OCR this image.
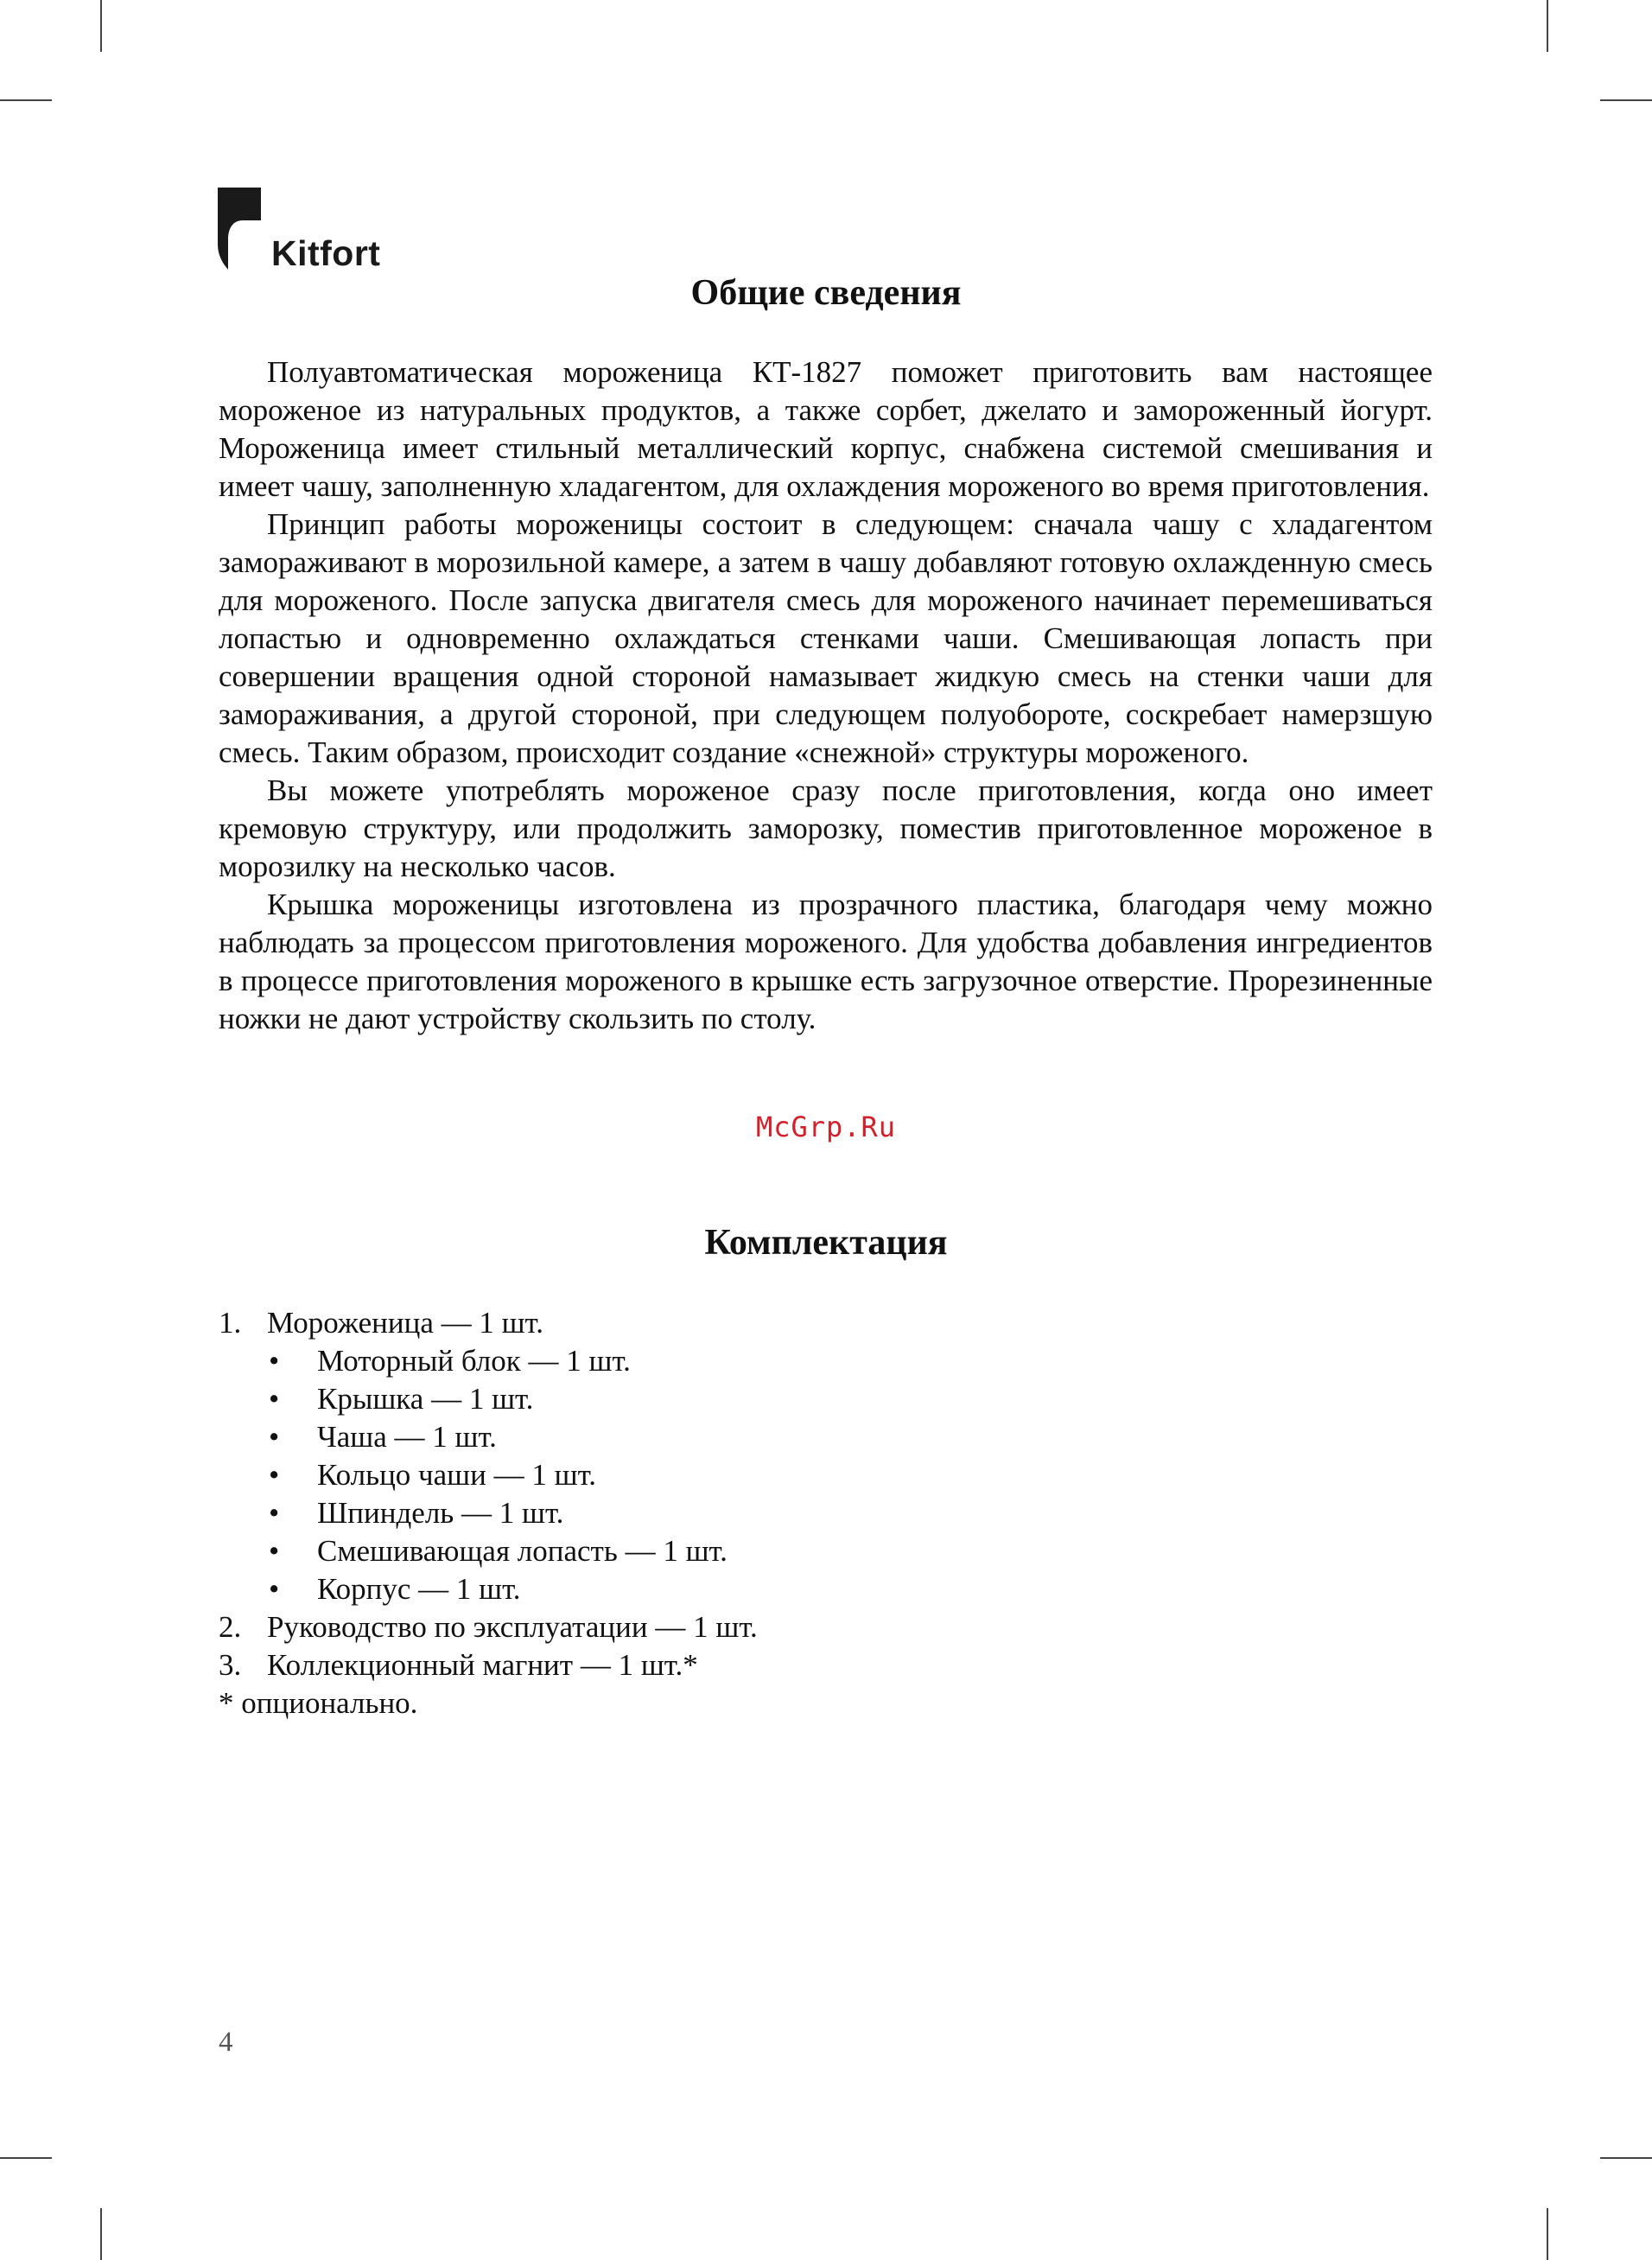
Kitfort
Общие сведения

Полуавтоматическая мороженица КТ-1827 поможет приготовить вам настоящее мороженое из натуральных продуктов, а также сорбет, джелато и замороженный йогурт. Мороженица имеет стильный металлический корпус, снабжена системой смешивания и имеет чашу, заполненную хладагентом, для охлаждения мороженого во время приготовления.

Принцип работы мороженицы состоит в следующем: сначала чашу с хладагентом замораживают в морозильной камере, а затем в чашу добавляют готовую охлажденную смесь для мороженого. После запуска двигателя смесь для мороженого начинает перемешиваться лопастью и одновременно охлаждаться стенками чаши. Смешивающая лопасть при совершении вращения одной стороной намазывает жидкую смесь на стенки чаши для замораживания, а другой стороной, при следующем полуобороте, соскребает намерзшую смесь. Таким образом, происходит создание «снежной» структуры мороженого.

Вы можете употреблять мороженое сразу после приготовления, когда оно имеет кремовую структуру, или продолжить заморозку, поместив приготовленное мороженое в морозилку на несколько часов.

Крышка мороженицы изготовлена из прозрачного пластика, благодаря чему можно наблюдать за процессом приготовления мороженого. Для удобства добавления ингредиентов в процессе приготовления мороженого в крышке есть загрузочное отверстие. Прорезиненные ножки не дают устройству скользить по столу.

McGrp.Ru
Комплектация
1. Мороженица — 1 шт.
•	Моторный блок — 1 шт.
•	Крышка — 1 шт.
•	Чаша — 1 шт.
•	Кольцо чаши — 1 шт.
•	Шпиндель — 1 шт.
•	Смешивающая лопасть — 1 шт.
•	Корпус — 1 шт.
2. Руководство по эксплуатации — 1 шт.
3. Коллекционный магнит — 1 шт.*
* опционально.
4
